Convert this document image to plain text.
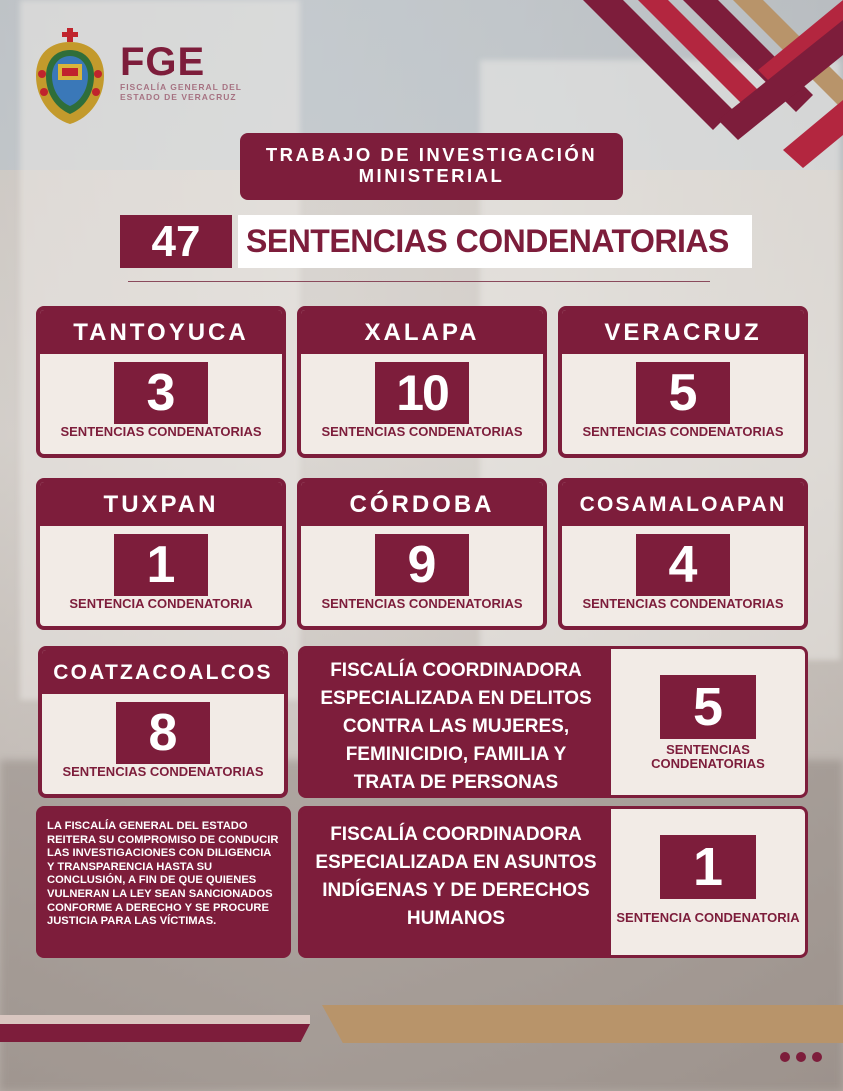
FGE
FISCALÍA GENERAL DEL ESTADO DE VERACRUZ
TRABAJO DE INVESTIGACIÓN MINISTERIAL
47	SENTENCIAS CONDENATORIAS
TANTOYUCA
3
SENTENCIAS CONDENATORIAS
XALAPA
10
SENTENCIAS CONDENATORIAS
VERACRUZ
5
SENTENCIAS CONDENATORIAS
TUXPAN
1
SENTENCIA CONDENATORIA
CÓRDOBA
9
SENTENCIAS CONDENATORIAS
COSAMALOAPAN
4
SENTENCIAS CONDENATORIAS
COATZACOALCOS
8
SENTENCIAS CONDENATORIAS
FISCALÍA COORDINADORA
ESPECIALIZADA EN DELITOS
CONTRA LAS MUJERES,
FEMINICIDIO, FAMILIA Y
TRATA DE PERSONAS
5
SENTENCIAS CONDENATORIAS
LA FISCALÍA GENERAL DEL ESTADO REITERA SU COMPROMISO DE CONDUCIR LAS INVESTIGACIONES CON DILIGENCIA Y TRANSPARENCIA HASTA SU CONCLUSIÓN, A FIN DE QUE QUIENES VULNERAN LA LEY SEAN SANCIONADOS CONFORME A DERECHO Y SE PROCURE JUSTICIA PARA LAS VÍCTIMAS.
FISCALÍA COORDINADORA
ESPECIALIZADA EN ASUNTOS
INDÍGENAS Y DE DERECHOS
HUMANOS
1
SENTENCIA CONDENATORIA
